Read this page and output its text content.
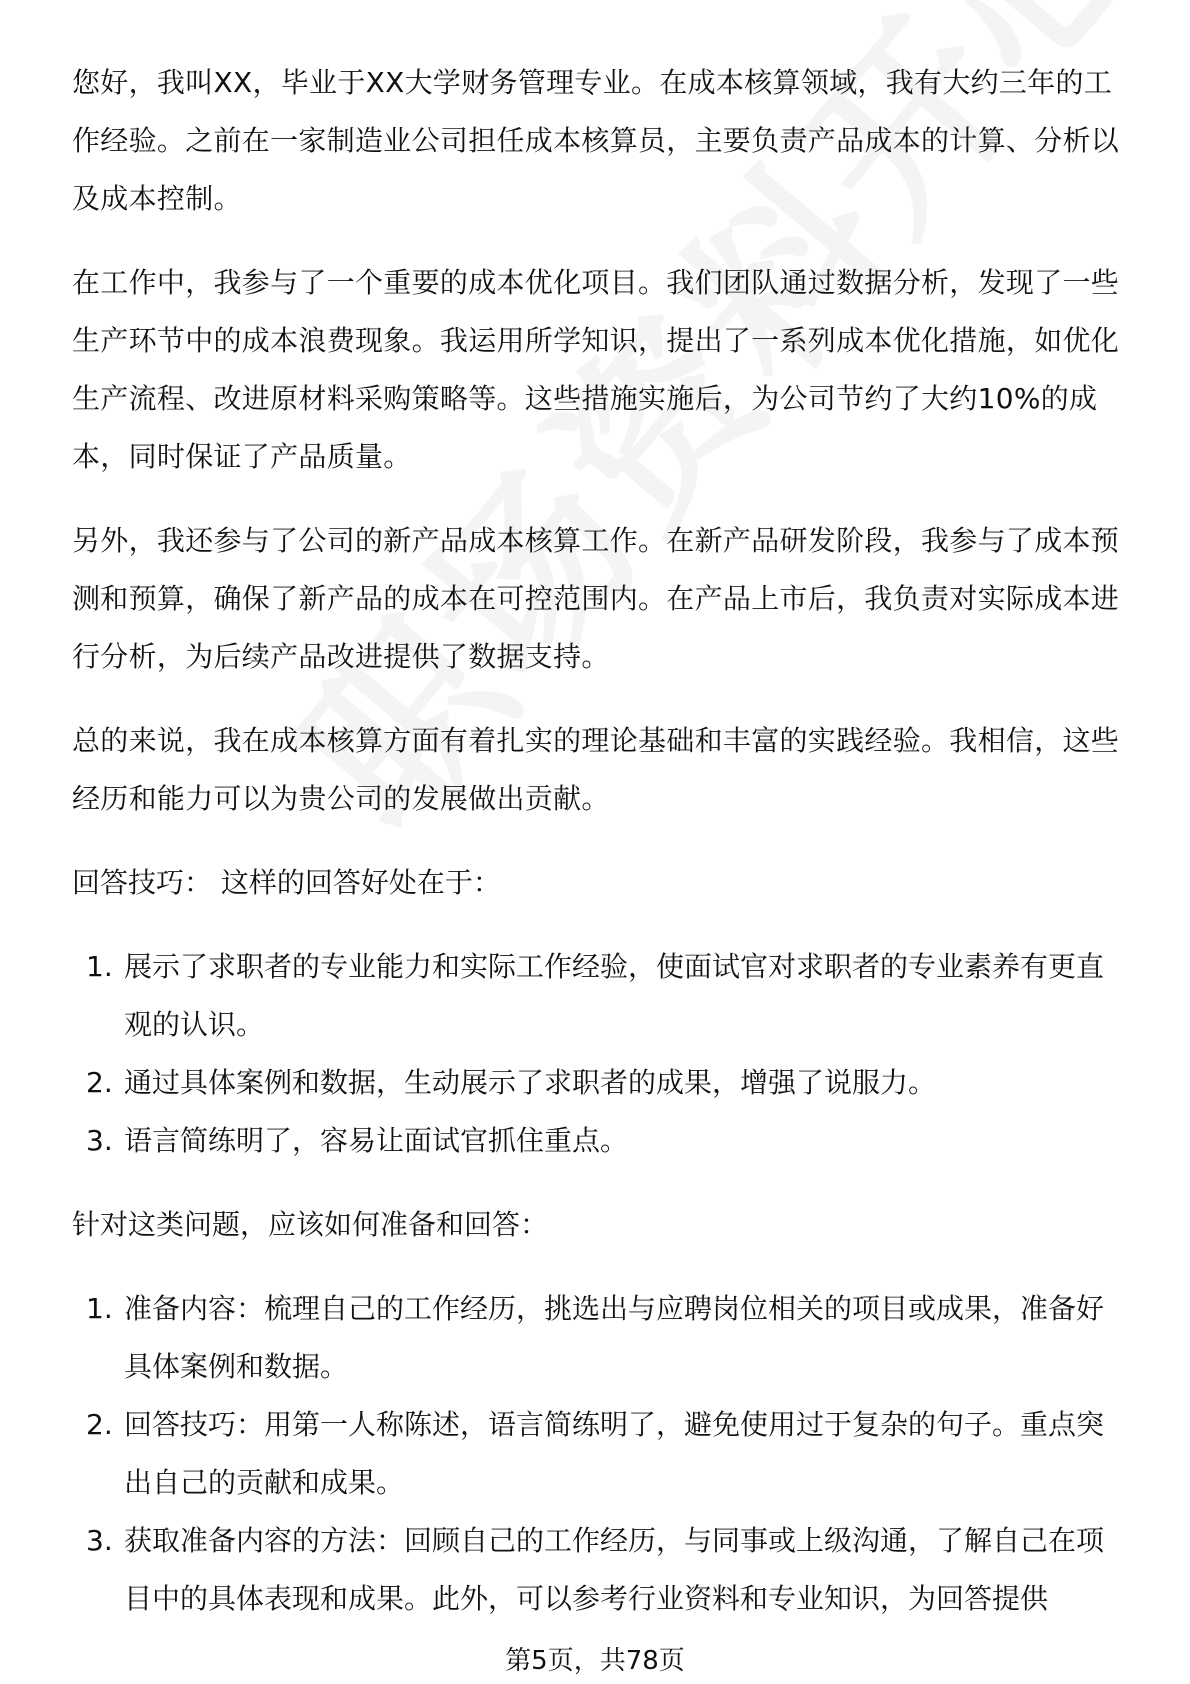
您好，我叫XX，毕业于XX大学财务管理专业。在成本核算领域，我有大约三年的工作经验。之前在一家制造业公司担任成本核算员，主要负责产品成本的计算、分析以及成本控制。

在工作中，我参与了一个重要的成本优化项目。我们团队通过数据分析，发现了一些生产环节中的成本浪费现象。我运用所学知识，提出了一系列成本优化措施，如优化生产流程、改进原材料采购策略等。这些措施实施后，为公司节约了大约10%的成本，同时保证了产品质量。

另外，我还参与了公司的新产品成本核算工作。在新产品研发阶段，我参与了成本预测和预算，确保了新产品的成本在可控范围内。在产品上市后，我负责对实际成本进行分析，为后续产品改进提供了数据支持。

总的来说，我在成本核算方面有着扎实的理论基础和丰富的实践经验。我相信，这些经历和能力可以为贵公司的发展做出贡献。

回答技巧： 这样的回答好处在于：

1. 展示了求职者的专业能力和实际工作经验，使面试官对求职者的专业素养有更直观的认识。
2. 通过具体案例和数据，生动展示了求职者的成果，增强了说服力。
3. 语言简练明了，容易让面试官抓住重点。

针对这类问题，应该如何准备和回答：

1. 准备内容：梳理自己的工作经历，挑选出与应聘岗位相关的项目或成果，准备好具体案例和数据。
2. 回答技巧：用第一人称陈述，语言简练明了，避免使用过于复杂的句子。重点突出自己的贡献和成果。
3. 获取准备内容的方法：回顾自己的工作经历，与同事或上级沟通，了解自己在项目中的具体表现和成果。此外，可以参考行业资料和专业知识，为回答提供
第5页，共78页
